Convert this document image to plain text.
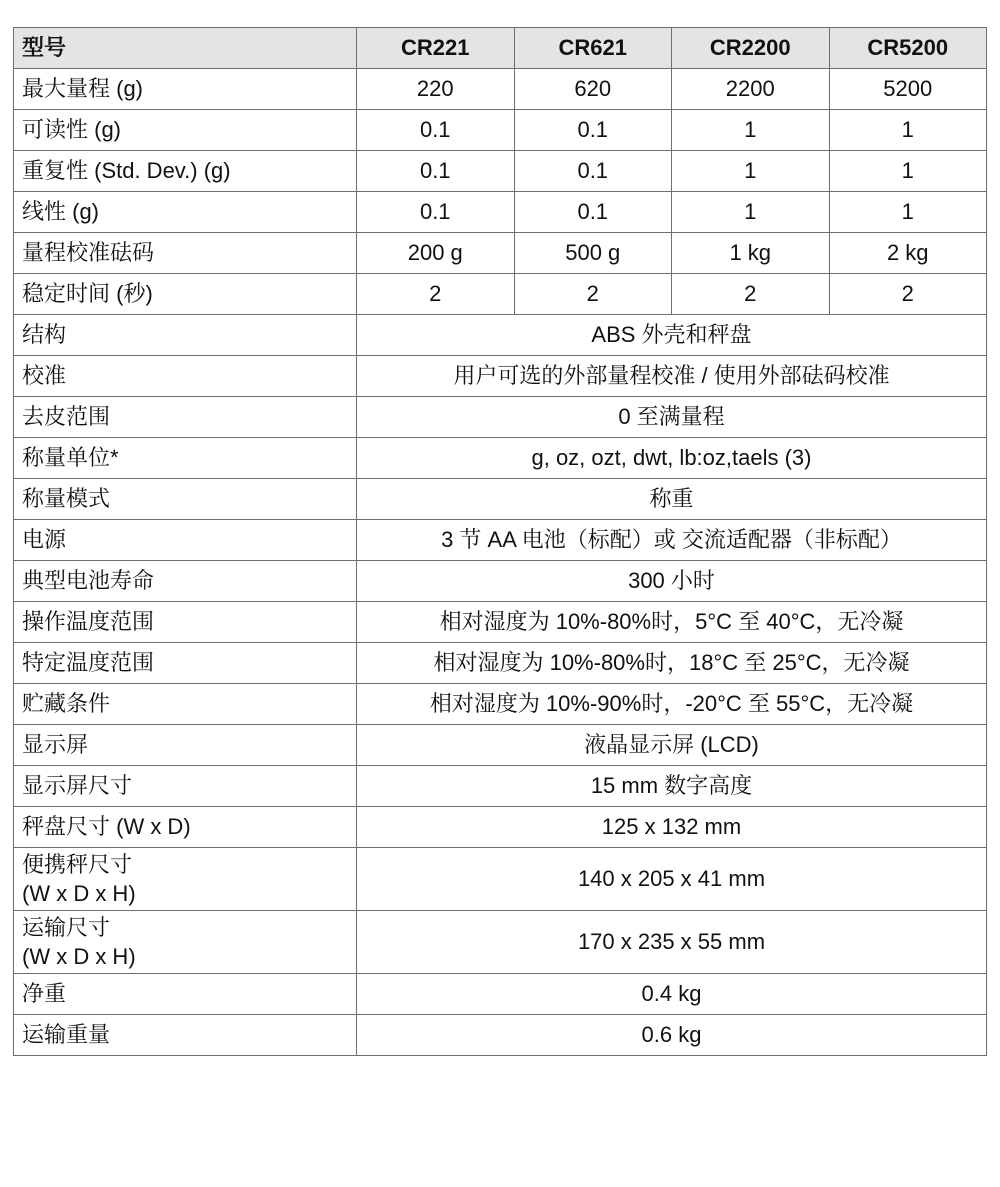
型号	CR221	CR621	CR2200	CR5200
最大量程 (g)	220	620	2200	5200
可读性 (g)	0.1	0.1	1	1
重复性 (Std. Dev.) (g)	0.1	0.1	1	1
线性 (g)	0.1	0.1	1	1
量程校准砝码	200 g	500 g	1 kg	2 kg
稳定时间 (秒)	2	2	2	2
结构	ABS 外壳和秤盘			
校准	用户可选的外部量程校准 / 使用外部砝码校准			
去皮范围	0 至满量程			
称量单位*	g, oz, ozt, dwt, lb:oz,taels (3)			
称量模式	称重			
电源	3 节 AA 电池（标配）或 交流适配器（非标配）			
典型电池寿命	300 小时			
操作温度范围	相对湿度为 10%-80%时，5°C 至 40°C，无冷凝			
特定温度范围	相对湿度为 10%-80%时，18°C 至 25°C，无冷凝			
贮藏条件	相对湿度为 10%-90%时，-20°C 至 55°C，无冷凝			
显示屏	液晶显示屏 (LCD)			
显示屏尺寸	15 mm 数字高度			
秤盘尺寸 (W x D)	125 x 132 mm			
便携秤尺寸
(W x D x H)	140 x 205 x 41 mm			
运输尺寸
(W x D x H)	170 x 235 x 55 mm			
净重	0.4 kg			
运输重量	0.6 kg			
